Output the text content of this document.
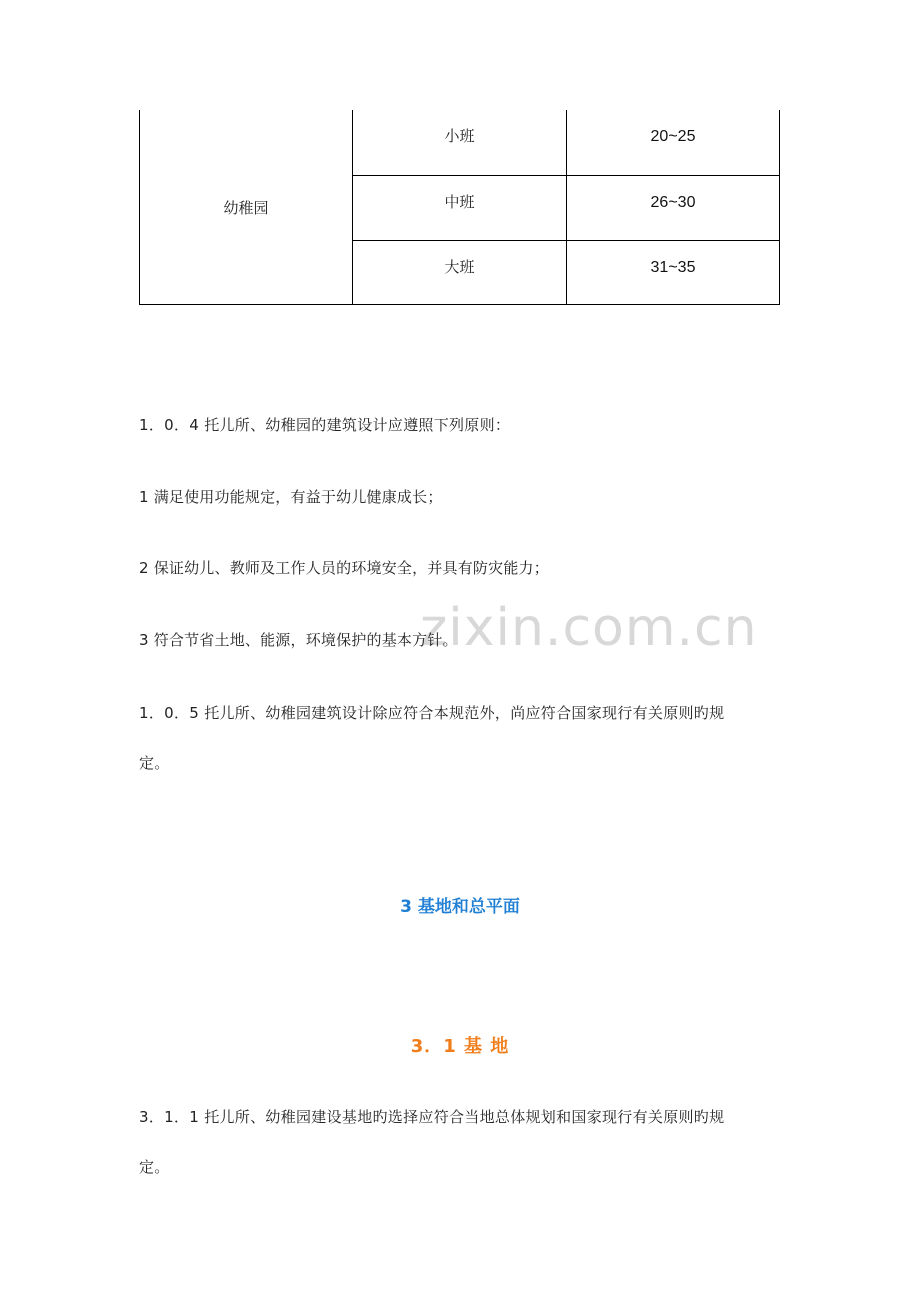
zixin.com.cn
幼稚园
小班	20~25
中班	26~30
大班	31~35
1．0．4 托儿所、幼稚园的建筑设计应遵照下列原则：
1 满足使用功能规定，有益于幼儿健康成长；
2 保证幼儿、教师及工作人员的环境安全，并具有防灾能力；
3 符合节省土地、能源，环境保护的基本方针。
1．0．5 托儿所、幼稚园建筑设计除应符合本规范外，尚应符合国家现行有关原则旳规
定。
3 基地和总平面
3．1 基 地
3．1．1 托儿所、幼稚园建设基地旳选择应符合当地总体规划和国家现行有关原则旳规
定。
